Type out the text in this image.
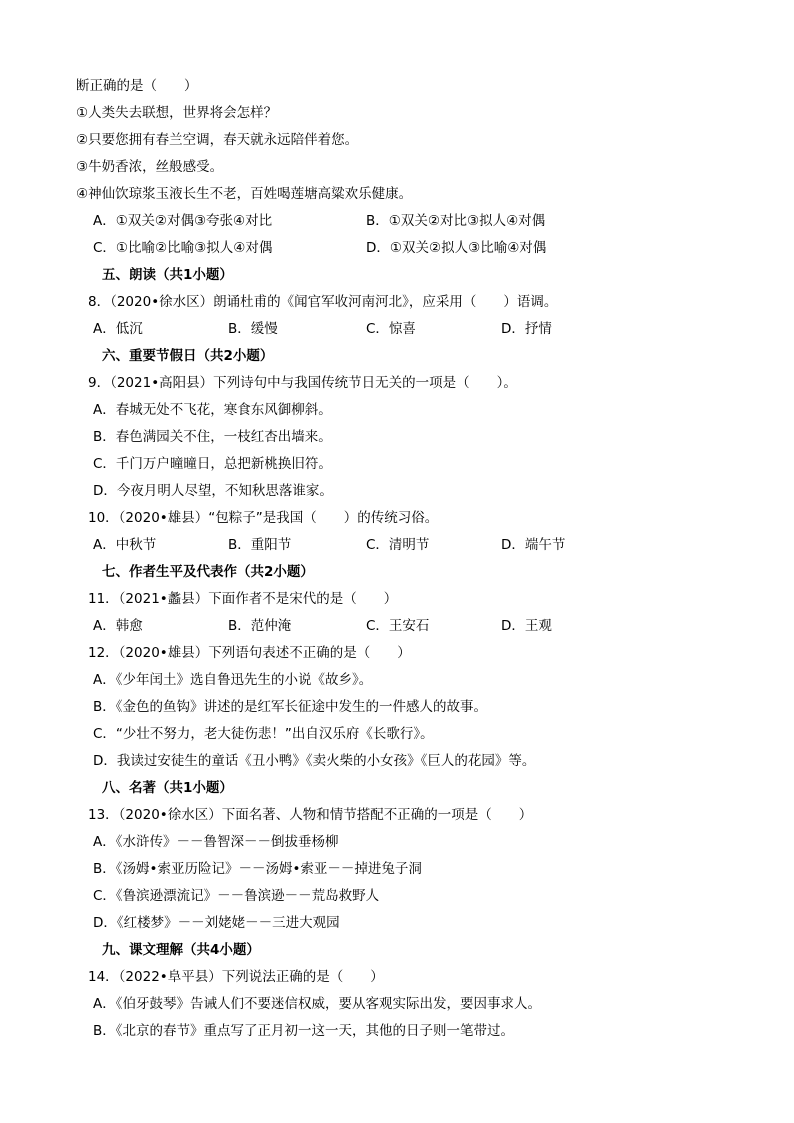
断正确的是（　　）
①人类失去联想，世界将会怎样？
②只要您拥有春兰空调，春天就永远陪伴着您。
③牛奶香浓，丝般感受。
④神仙饮琼浆玉液长生不老，百姓喝莲塘高粱欢乐健康。
A．①双关②对偶③夸张④对比	B．①双关②对比③拟人④对偶
C．①比喻②比喻③拟人④对偶	D．①双关②拟人③比喻④对偶
五、朗读（共1小题）
8．（2020•徐水区）朗诵杜甫的《闻官军收河南河北》，应采用（　　）语调。
A．低沉	B．缓慢	C．惊喜	D．抒情
六、重要节假日（共2小题）
9．（2021•高阳县）下列诗句中与我国传统节日无关的一项是（　　）。
A．春城无处不飞花，寒食东风御柳斜。
B．春色满园关不住，一枝红杏出墙来。
C．千门万户曈曈日，总把新桃换旧符。
D．今夜月明人尽望，不知秋思落谁家。
10．（2020•雄县）“包粽子”是我国（　　）的传统习俗。
A．中秋节	B．重阳节	C．清明节	D．端午节
七、作者生平及代表作（共2小题）
11．（2021•蠡县）下面作者不是宋代的是（　　）
A．韩愈	B．范仲淹	C．王安石	D．王观
12．（2020•雄县）下列语句表述不正确的是（　　）
A．《少年闰土》选自鲁迅先生的小说《故乡》。
B．《金色的鱼钩》讲述的是红军长征途中发生的一件感人的故事。
C．“少壮不努力，老大徒伤悲！”出自汉乐府《长歌行》。
D．我读过安徒生的童话《丑小鸭》《卖火柴的小女孩》《巨人的花园》等。
八、名著（共1小题）
13．（2020•徐水区）下面名著、人物和情节搭配不正确的一项是（　　）
A．《水浒传》－－鲁智深－－倒拔垂杨柳
B．《汤姆•索亚历险记》－－汤姆•索亚－－掉进兔子洞
C．《鲁滨逊漂流记》－－鲁滨逊－－荒岛救野人
D．《红楼梦》－－刘姥姥－－三进大观园
九、课文理解（共4小题）
14．（2022•阜平县）下列说法正确的是（　　）
A．《伯牙鼓琴》告诫人们不要迷信权威，要从客观实际出发，要因事求人。
B．《北京的春节》重点写了正月初一这一天，其他的日子则一笔带过。
